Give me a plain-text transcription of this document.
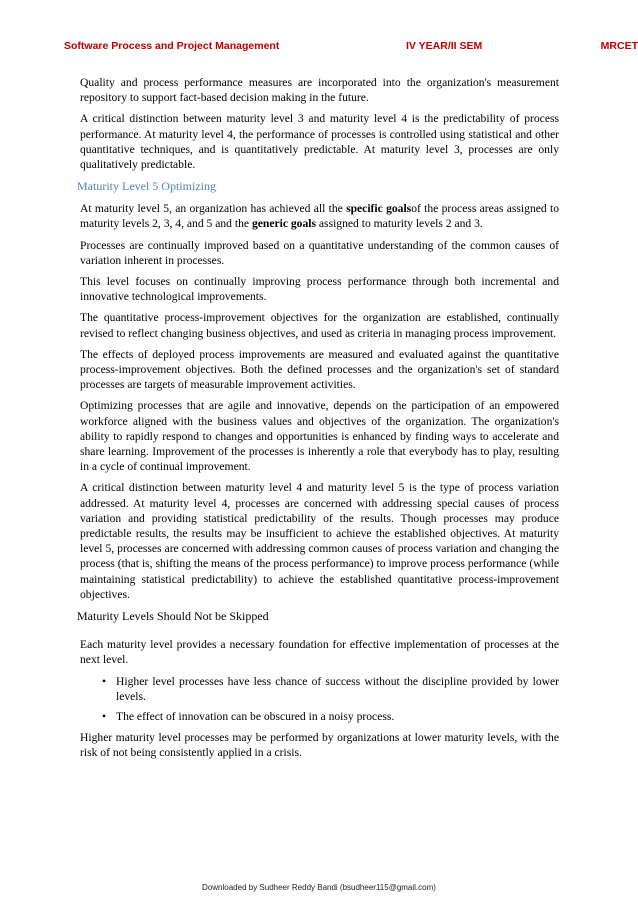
Software Process and Project Management	IV YEAR/II SEM	MRCET

Quality and process performance measures are incorporated into the organization's measurement repository to support fact-based decision making in the future.

A critical distinction between maturity level 3 and maturity level 4 is the predictability of process performance. At maturity level 4, the performance of processes is controlled using statistical and other quantitative techniques, and is quantitatively predictable. At maturity level 3, processes are only qualitatively predictable.

Maturity Level 5 Optimizing

At maturity level 5, an organization has achieved all the specific goalsof the process areas assigned to maturity levels 2, 3, 4, and 5 and the generic goals assigned to maturity levels 2 and 3.

Processes are continually improved based on a quantitative understanding of the common causes of variation inherent in processes.

This level focuses on continually improving process performance through both incremental and innovative technological improvements.

The quantitative process-improvement objectives for the organization are established, continually revised to reflect changing business objectives, and used as criteria in managing process improvement.

The effects of deployed process improvements are measured and evaluated against the quantitative process-improvement objectives. Both the defined processes and the organization's set of standard processes are targets of measurable improvement activities.

Optimizing processes that are agile and innovative, depends on the participation of an empowered workforce aligned with the business values and objectives of the organization. The organization's ability to rapidly respond to changes and opportunities is enhanced by finding ways to accelerate and share learning. Improvement of the processes is inherently a role that everybody has to play, resulting in a cycle of continual improvement.

A critical distinction between maturity level 4 and maturity level 5 is the type of process variation addressed. At maturity level 4, processes are concerned with addressing special causes of process variation and providing statistical predictability of the results. Though processes may produce predictable results, the results may be insufficient to achieve the established objectives. At maturity level 5, processes are concerned with addressing common causes of process variation and changing the process (that is, shifting the means of the process performance) to improve process performance (while maintaining statistical predictability) to achieve the established quantitative process-improvement objectives.

Maturity Levels Should Not be Skipped

Each maturity level provides a necessary foundation for effective implementation of processes at the next level.

• Higher level processes have less chance of success without the discipline provided by lower levels.
• The effect of innovation can be obscured in a noisy process.

Higher maturity level processes may be performed by organizations at lower maturity levels, with the risk of not being consistently applied in a crisis.

Downloaded by Sudheer Reddy Bandi (bsudheer115@gmail.com)
